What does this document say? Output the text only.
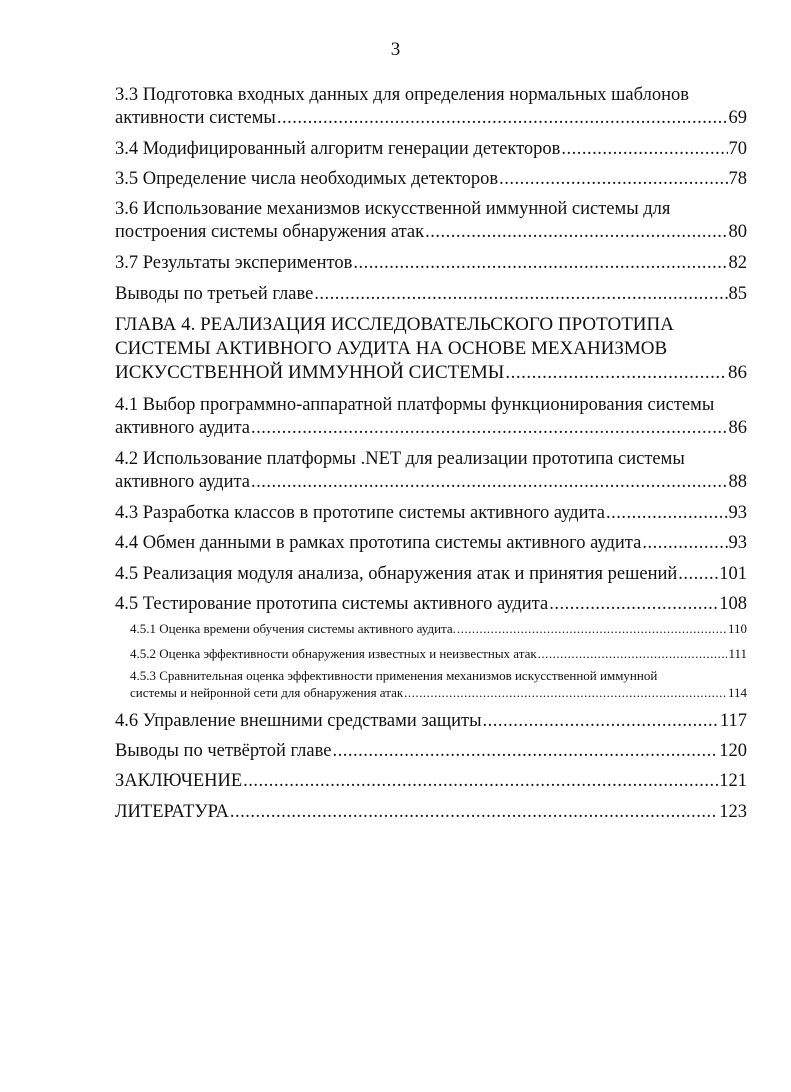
3
3.3 Подготовка входных данных для определения нормальных шаблонов
активности системы .....	69
3.4 Модифицированный алгоритм генерации детекторов .....	70
3.5 Определение числа необходимых детекторов .....	78
3.6 Использование механизмов искусственной иммунной системы для
построения системы обнаружения атак .....	80
3.7 Результаты экспериментов .....	82
Выводы по третьей главе .....	85
ГЛАВА 4. РЕАЛИЗАЦИЯ ИССЛЕДОВАТЕЛЬСКОГО ПРОТОТИПА
СИСТЕМЫ АКТИВНОГО АУДИТА НА ОСНОВЕ МЕХАНИЗМОВ
ИСКУССТВЕННОЙ ИММУННОЙ СИСТЕМЫ .....	86
4.1 Выбор программно-аппаратной платформы функционирования системы
активного аудита .....	86
4.2 Использование платформы .NET для реализации прототипа системы
активного аудита .....	88
4.3 Разработка классов в прототипе системы активного аудита .....	93
4.4 Обмен данными в рамках прототипа системы активного аудита .....	93
4.5 Реализация модуля анализа, обнаружения атак и принятия решений ..... 101
4.5 Тестирование прототипа системы активного аудита .....	108
4.5.1 Оценка времени обучения системы активного аудита. .....	110
4.5.2 Оценка эффективности обнаружения известных и неизвестных атак .....	111
4.5.3 Сравнительная оценка эффективности применения механизмов искусственной иммунной
системы и нейронной сети для обнаружения атак .....	114
4.6 Управление внешними средствами защиты .....	117
Выводы по четвёртой главе .....	120
ЗАКЛЮЧЕНИЕ .....	121
ЛИТЕРАТУРА .....	123
